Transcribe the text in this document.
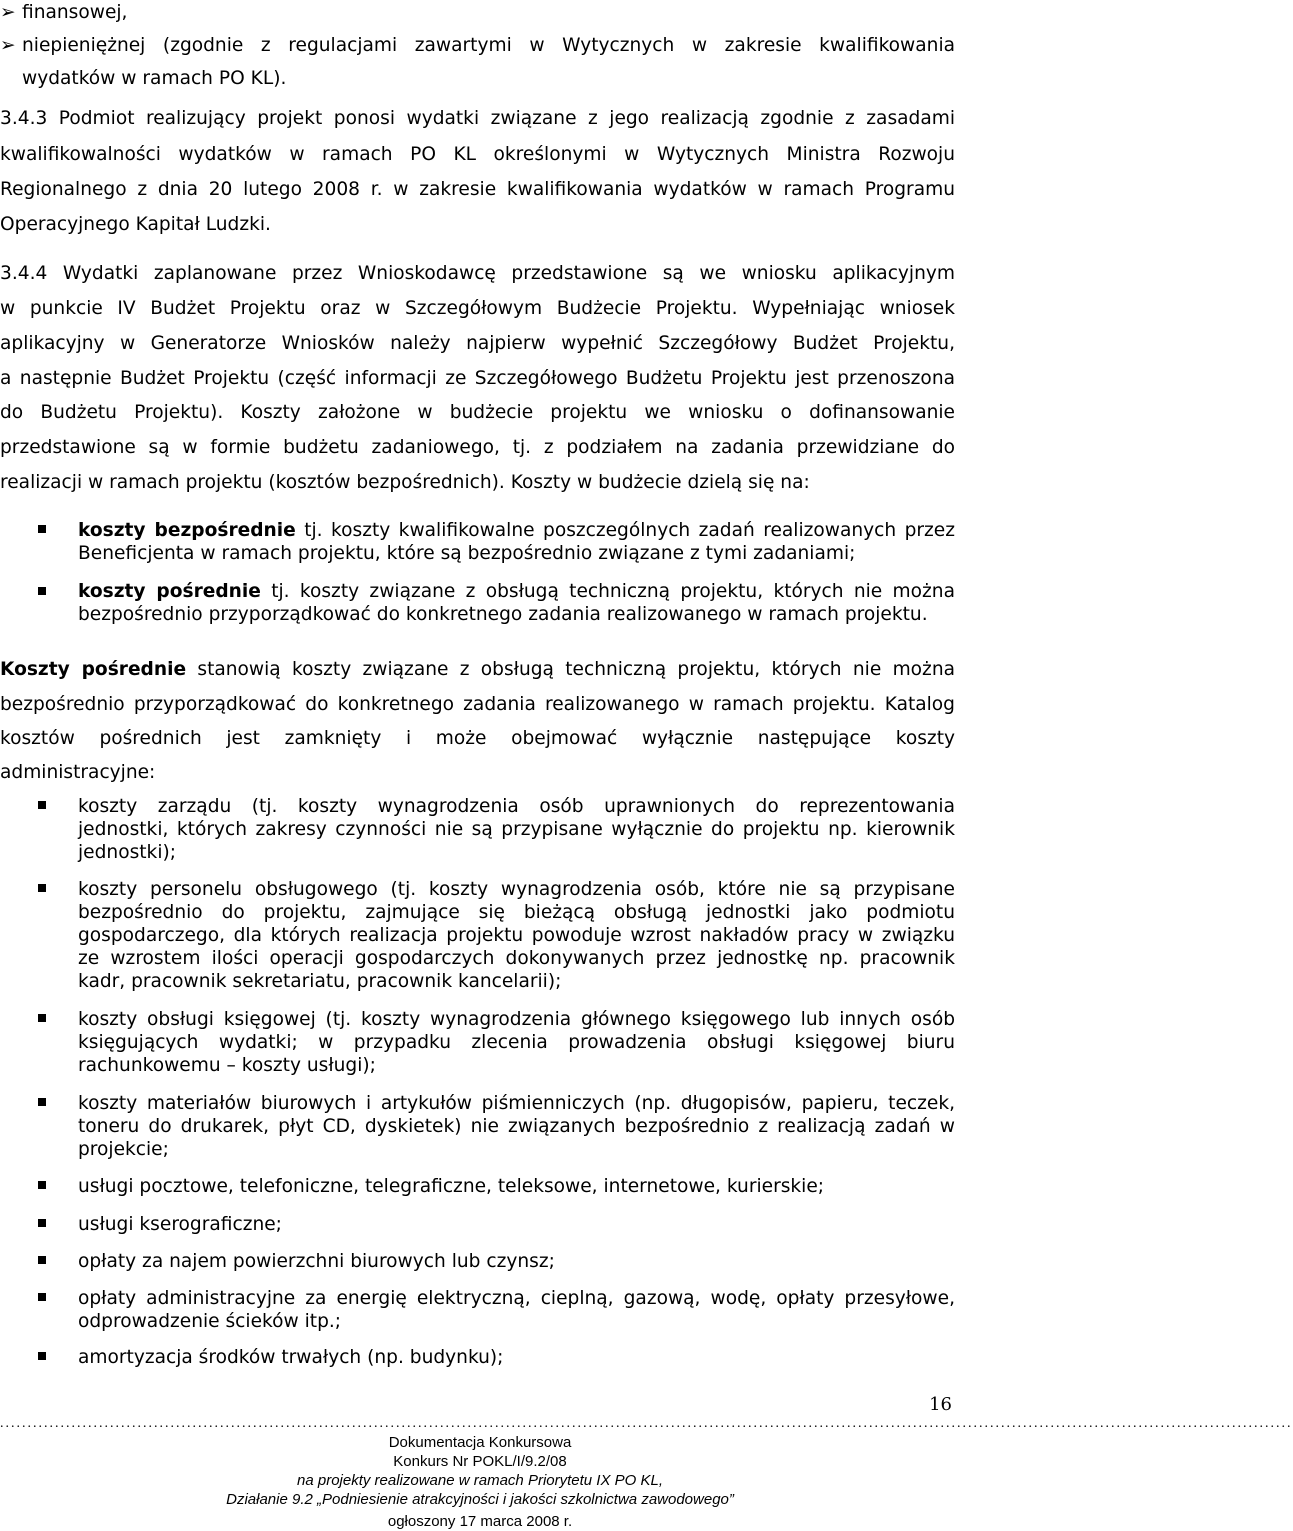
➢ finansowej,
➢ niepieniężnej (zgodnie z regulacjami zawartymi w Wytycznych w zakresie kwalifikowania
wydatków w ramach PO KL).
3.4.3 Podmiot realizujący projekt ponosi wydatki związane z jego realizacją zgodnie z zasadami
kwalifikowalności wydatków w ramach PO KL określonymi w Wytycznych Ministra Rozwoju
Regionalnego z dnia 20 lutego 2008 r. w zakresie kwalifikowania wydatków w ramach Programu
Operacyjnego Kapitał Ludzki.
3.4.4 Wydatki zaplanowane przez Wnioskodawcę przedstawione są we wniosku aplikacyjnym
w punkcie IV Budżet Projektu oraz w Szczegółowym Budżecie Projektu. Wypełniając wniosek
aplikacyjny w Generatorze Wniosków należy najpierw wypełnić Szczegółowy Budżet Projektu,
a następnie Budżet Projektu (część informacji ze Szczegółowego Budżetu Projektu jest przenoszona
do Budżetu Projektu). Koszty założone w budżecie projektu we wniosku o dofinansowanie
przedstawione są w formie budżetu zadaniowego, tj. z podziałem na zadania przewidziane do
realizacji w ramach projektu (kosztów bezpośrednich). Koszty w budżecie dzielą się na:
koszty bezpośrednie tj. koszty kwalifikowalne poszczególnych zadań realizowanych przez
Beneficjenta w ramach projektu, które są bezpośrednio związane z tymi zadaniami;
koszty pośrednie tj. koszty związane z obsługą techniczną projektu, których nie można
bezpośrednio przyporządkować do konkretnego zadania realizowanego w ramach projektu.
Koszty pośrednie stanowią koszty związane z obsługą techniczną projektu, których nie można
bezpośrednio przyporządkować do konkretnego zadania realizowanego w ramach projektu. Katalog
kosztów pośrednich jest zamknięty i może obejmować wyłącznie następujące koszty
administracyjne:
koszty zarządu (tj. koszty wynagrodzenia osób uprawnionych do reprezentowania
jednostki, których zakresy czynności nie są przypisane wyłącznie do projektu np. kierownik
jednostki);
koszty personelu obsługowego (tj. koszty wynagrodzenia osób, które nie są przypisane
bezpośrednio do projektu, zajmujące się bieżącą obsługą jednostki jako podmiotu
gospodarczego, dla których realizacja projektu powoduje wzrost nakładów pracy w związku
ze wzrostem ilości operacji gospodarczych dokonywanych przez jednostkę np. pracownik
kadr, pracownik sekretariatu, pracownik kancelarii);
koszty obsługi księgowej (tj. koszty wynagrodzenia głównego księgowego lub innych osób
księgujących wydatki; w przypadku zlecenia prowadzenia obsługi księgowej biuru
rachunkowemu – koszty usługi);
koszty materiałów biurowych i artykułów piśmienniczych (np. długopisów, papieru, teczek,
toneru do drukarek, płyt CD, dyskietek) nie związanych bezpośrednio z realizacją zadań w
projekcie;
usługi pocztowe, telefoniczne, telegraficzne, teleksowe, internetowe, kurierskie;
usługi kserograficzne;
opłaty za najem powierzchni biurowych lub czynsz;
opłaty administracyjne za energię elektryczną, cieplną, gazową, wodę, opłaty przesyłowe,
odprowadzenie ścieków itp.;
amortyzacja środków trwałych (np. budynku);
16
...........................................................................................................................................................................................................................................
Dokumentacja Konkursowa
Konkurs Nr POKL/I/9.2/08
na projekty realizowane w ramach Priorytetu IX PO KL,
Działanie 9.2 „Podniesienie atrakcyjności i jakości szkolnictwa zawodowego”
ogłoszony 17 marca 2008 r.
